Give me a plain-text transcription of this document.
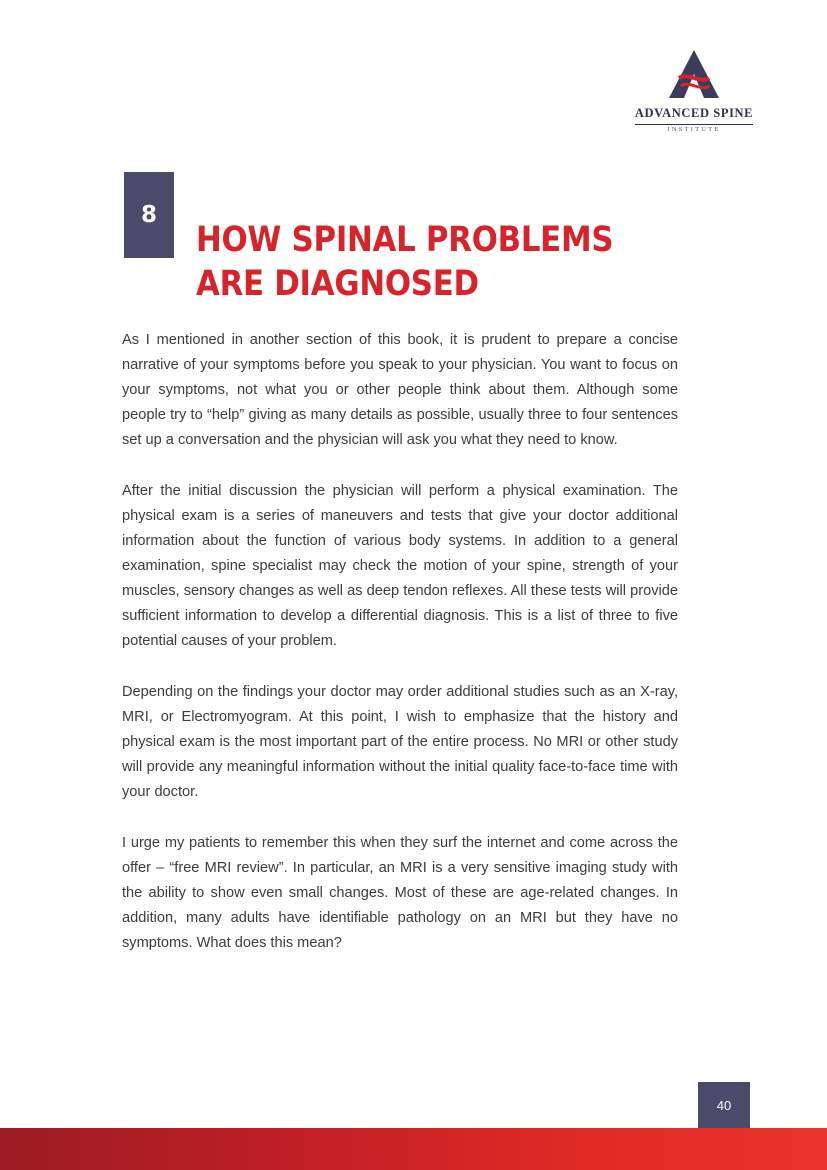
ADVANCED SPINE
INSTITUTE
8
HOW SPINAL PROBLEMS ARE DIAGNOSED

As I mentioned in another section of this book, it is prudent to prepare a concise narrative of your symptoms before you speak to your physician. You want to focus on your symptoms, not what you or other people think about them. Although some people try to “help” giving as many details as possible, usually three to four sentences set up a conversation and the physician will ask you what they need to know.

After the initial discussion the physician will perform a physical examination. The physical exam is a series of maneuvers and tests that give your doctor additional information about the function of various body systems. In addition to a general examination, spine specialist may check the motion of your spine, strength of your muscles, sensory changes as well as deep tendon reflexes. All these tests will provide sufficient information to develop a differential diagnosis. This is a list of three to five potential causes of your problem.

Depending on the findings your doctor may order additional studies such as an X-ray, MRI, or Electromyogram. At this point, I wish to emphasize that the history and physical exam is the most important part of the entire process. No MRI or other study will provide any meaningful information without the initial quality face-to-face time with your doctor.

I urge my patients to remember this when they surf the internet and come across the offer – “free MRI review”. In particular, an MRI is a very sensitive imaging study with the ability to show even small changes. Most of these are age-related changes. In addition, many adults have identifiable pathology on an MRI but they have no symptoms. What does this mean?

40
